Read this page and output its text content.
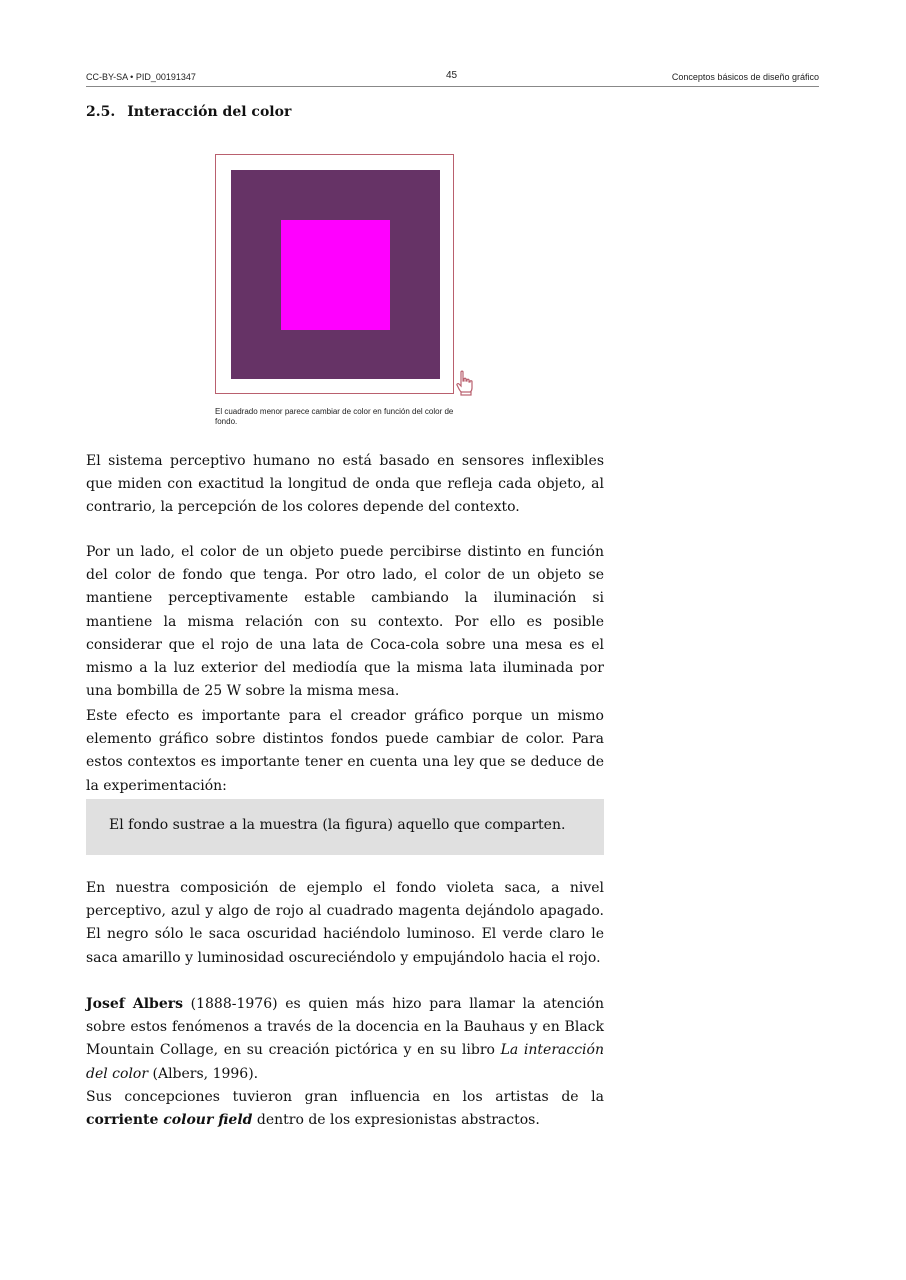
CC-BY-SA • PID_00191347	45	Conceptos básicos de diseño gráfico
2.5. Interacción del color
El cuadrado menor parece cambiar de color en función del color de fondo.

El sistema perceptivo humano no está basado en sensores inflexibles que miden con exactitud la longitud de onda que refleja cada objeto, al contrario, la percepción de los colores depende del contexto.

Por un lado, el color de un objeto puede percibirse distinto en función del color de fondo que tenga. Por otro lado, el color de un objeto se mantiene perceptivamente estable cambiando la iluminación si mantiene la misma relación con su contexto. Por ello es posible considerar que el rojo de una lata de Coca-cola sobre una mesa es el mismo a la luz exterior del mediodía que la misma lata iluminada por una bombilla de 25 W sobre la misma mesa.

Este efecto es importante para el creador gráfico porque un mismo elemento gráfico sobre distintos fondos puede cambiar de color. Para estos contextos es importante tener en cuenta una ley que se deduce de la experimentación:

El fondo sustrae a la muestra (la figura) aquello que comparten.

En nuestra composición de ejemplo el fondo violeta saca, a nivel perceptivo, azul y algo de rojo al cuadrado magenta dejándolo apagado. El negro sólo le saca oscuridad haciéndolo luminoso. El verde claro le saca amarillo y luminosidad oscureciéndolo y empujándolo hacia el rojo.

Josef Albers (1888-1976) es quien más hizo para llamar la atención sobre estos fenómenos a través de la docencia en la Bauhaus y en Black Mountain Collage, en su creación pictórica y en su libro La interacción del color (Albers, 1996).

Sus concepciones tuvieron gran influencia en los artistas de la corriente colour field dentro de los expresionistas abstractos.
